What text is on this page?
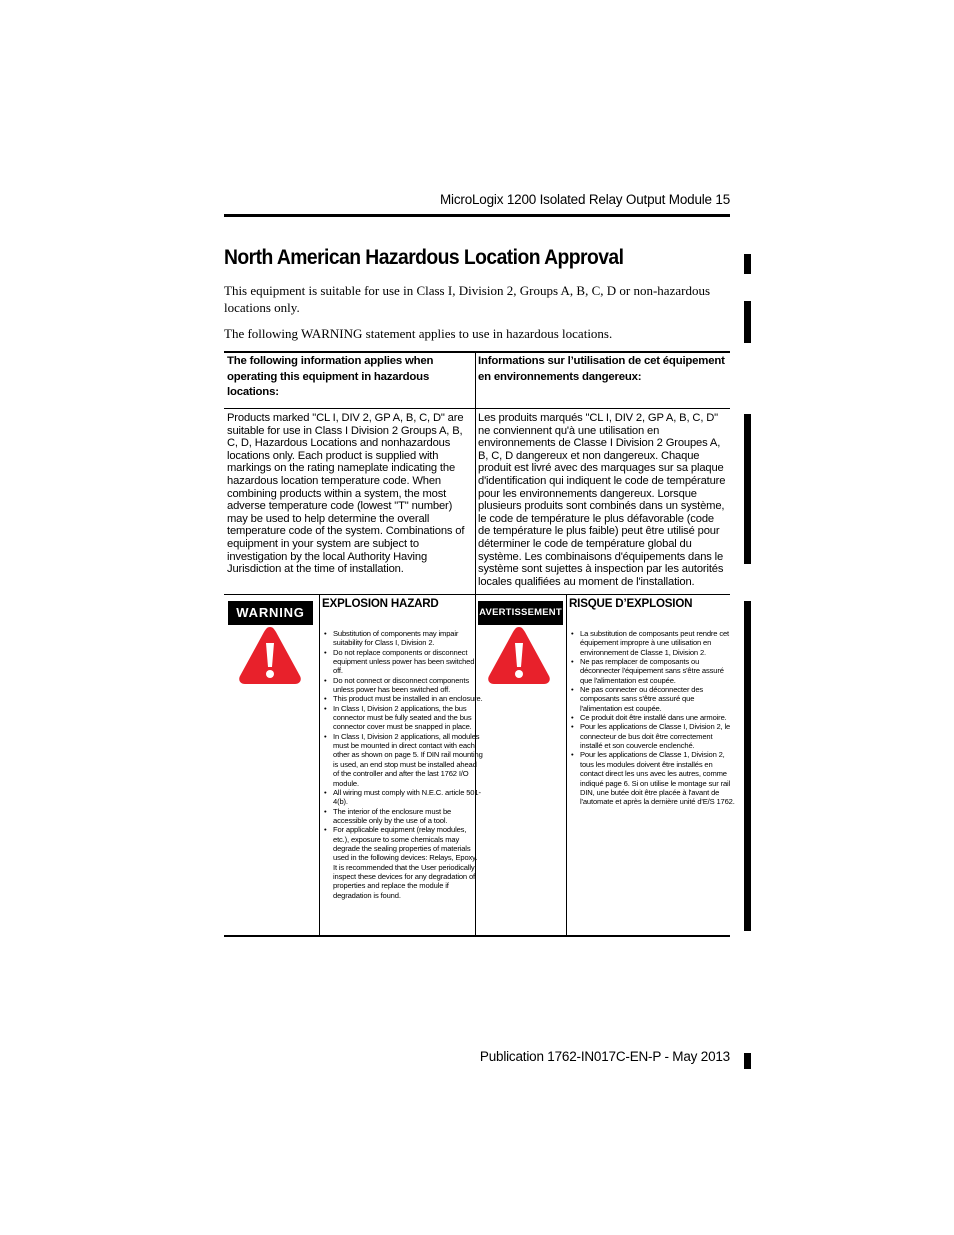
MicroLogix 1200 Isolated Relay Output Module 15
North American Hazardous Location Approval
This equipment is suitable for use in Class I, Division 2, Groups A, B, C, D or non-hazardous locations only.
The following WARNING statement applies to use in hazardous locations.
The following information applies when operating this equipment in hazardous locations:
Informations sur l’utilisation de cet équipement en environnements dangereux:
Products marked "CL I, DIV 2, GP A, B, C, D" are suitable for use in Class I Division 2 Groups A, B, C, D, Hazardous Locations and nonhazardous locations only. Each product is supplied with markings on the rating nameplate indicating the hazardous location temperature code. When combining products within a system, the most adverse temperature code (lowest "T" number) may be used to help determine the overall temperature code of the system. Combinations of equipment in your system are subject to investigation by the local Authority Having Jurisdiction at the time of installation.
Les produits marqués "CL I, DIV 2, GP A, B, C, D" ne conviennent qu'à une utilisation en environnements de Classe I Division 2 Groupes A, B, C, D dangereux et non dangereux. Chaque produit est livré avec des marquages sur sa plaque d'identification qui indiquent le code de température pour les environnements dangereux. Lorsque plusieurs produits sont combinés dans un système, le code de température le plus défavorable (code de température le plus faible) peut être utilisé pour déterminer le code de température global du système. Les combinaisons d'équipements dans le système sont sujettes à inspection par les autorités locales qualifiées au moment de l'installation.
WARNING
EXPLOSION HAZARD
• Substitution of components may impair suitability for Class I, Division 2.
• Do not replace components or disconnect equipment unless power has been switched off.
• Do not connect or disconnect components unless power has been switched off.
• This product must be installed in an enclosure.
• In Class I, Division 2 applications, the bus connector must be fully seated and the bus connector cover must be snapped in place.
• In Class I, Division 2 applications, all modules must be mounted in direct contact with each other as shown on page 5. If DIN rail mounting is used, an end stop must be installed ahead of the controller and after the last 1762 I/O module.
• All wiring must comply with N.E.C. article 501-4(b).
• The interior of the enclosure must be accessible only by the use of a tool.
• For applicable equipment (relay modules, etc.), exposure to some chemicals may degrade the sealing properties of materials used in the following devices: Relays, Epoxy. It is recommended that the User periodically inspect these devices for any degradation of properties and replace the module if degradation is found.
AVERTISSEMENT
RISQUE D’EXPLOSION
• La substitution de composants peut rendre cet équipement impropre à une utilisation en environnement de Classe 1, Division 2.
• Ne pas remplacer de composants ou déconnecter l'équipement sans s'être assuré que l'alimentation est coupée.
• Ne pas connecter ou déconnecter des composants sans s'être assuré que l'alimentation est coupée.
• Ce produit doit être installé dans une armoire.
• Pour les applications de Classe I, Division 2, le connecteur de bus doit être correctement installé et son couvercle enclenché.
• Pour les applications de Classe 1, Division 2, tous les modules doivent être installés en contact direct les uns avec les autres, comme indiqué page 6. Si on utilise le montage sur rail DIN, une butée doit être placée à l'avant de l'automate et après la dernière unité d'E/S 1762.
Publication 1762-IN017C-EN-P - May 2013
